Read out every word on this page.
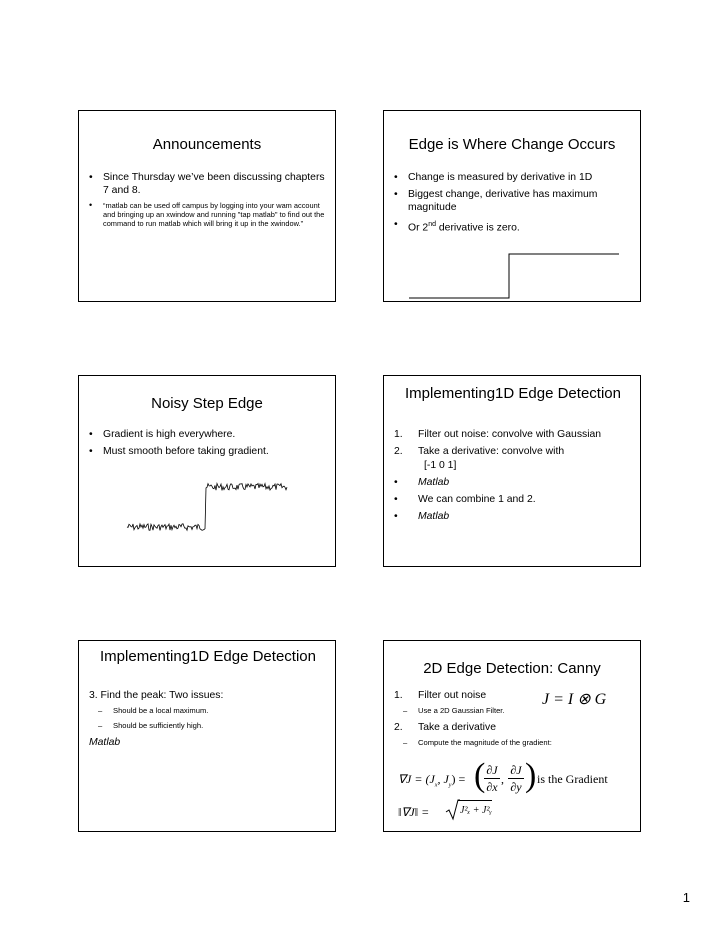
Announcements
• Since Thursday we’ve been discussing chapters 7 and 8.
• “matlab can be used off campus by logging into your wam account and bringing up an xwindow and running "tap matlab" to find out the command to run matlab which will bring it up in the xwindow.”
Edge is Where Change Occurs
• Change is measured by derivative in 1D
• Biggest change, derivative has maximum magnitude
• Or 2nd derivative is zero.
Noisy Step Edge
• Gradient is high everywhere.
• Must smooth before taking gradient.
Implementing1D Edge Detection
1. Filter out noise: convolve with Gaussian
2. Take a derivative: convolve with
[-1 0 1]
• Matlab
• We can combine 1 and 2.
• Matlab
Implementing1D Edge Detection
3. Find the peak: Two issues:
– Should be a local maximum.
– Should be sufficiently high.
Matlab
2D Edge Detection: Canny
1. Filter out noise
– Use a 2D Gaussian Filter.
2. Take a derivative
– Compute the magnitude of the gradient:
J = I ⊗ G
$\nabla J = (J_x$, $J_y$) = ( ∂J
∂x
,
∂J
∂y ) is the Gradient
‖∇J‖ =	J²ₓ + J²ᵧ
1
